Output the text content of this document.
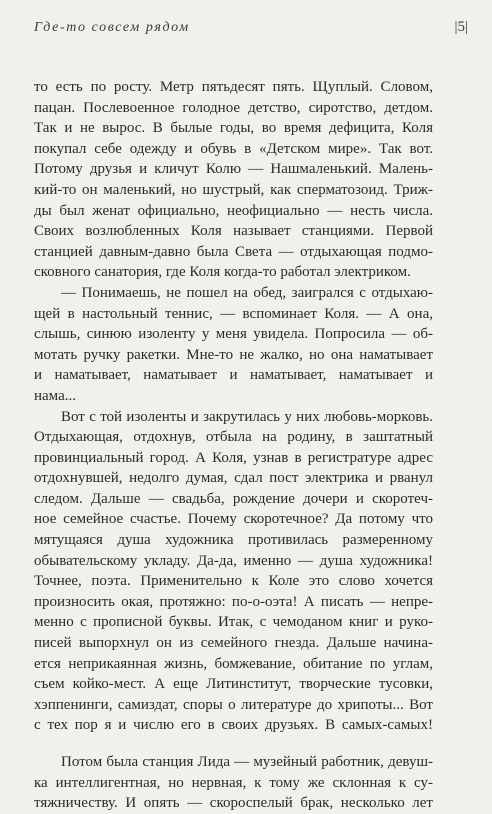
Где-то совсем рядом	|5|
то есть по росту. Метр пятьдесят пять. Щуплый. Словом,
пацан. Послевоенное голодное детство, сиротство, детдом.
Так и не вырос. В былые годы, во время дефицита, Коля
покупал себе одежду и обувь в «Детском мире». Так вот.
Потому друзья и кличут Колю — Нашмаленький. Малень-
кий-то он маленький, но шустрый, как сперматозоид. Триж-
ды был женат официально, неофициально — несть числа.
Своих возлюбленных Коля называет станциями. Первой
станцией давным-давно была Света — отдыхающая подмо-
сковного санатория, где Коля когда-то работал электриком.
— Понимаешь, не пошел на обед, заигрался с отдыхаю-
щей в настольный теннис, — вспоминает Коля. — А она,
слышь, синюю изоленту у меня увидела. Попросила — об-
мотать ручку ракетки. Мне-то не жалко, но она наматывает
и наматывает, наматывает и наматывает, наматывает и
нама...
Вот с той изоленты и закрутилась у них любовь-морковь.
Отдыхающая, отдохнув, отбыла на родину, в заштатный
провинциальный город. А Коля, узнав в регистратуре адрес
отдохнувшей, недолго думая, сдал пост электрика и рванул
следом. Дальше — свадьба, рождение дочери и скоротеч-
ное семейное счастье. Почему скоротечное? Да потому что
мятущаяся душа художника противилась размеренному
обывательскому укладу. Да-да, именно — душа художника!
Точнее, поэта. Применительно к Коле это слово хочется
произносить окая, протяжно: по-о-оэта! А писать — непре-
менно с прописной буквы. Итак, с чемоданом книг и руко-
писей выпорхнул он из семейного гнезда. Дальше начина-
ется неприкаянная жизнь, бомжевание, обитание по углам,
съем койко-мест. А еще Литинститут, творческие тусовки,
хэппенинги, самиздат, споры о литературе до хрипоты... Вот
с тех пор я и числю его в своих друзьях. В самых-самых!
Потом была станция Лида — музейный работник, девуш-
ка интеллигентная, но нервная, к тому же склонная к су-
тяжничеству. И опять — скороспелый брак, несколько лет
